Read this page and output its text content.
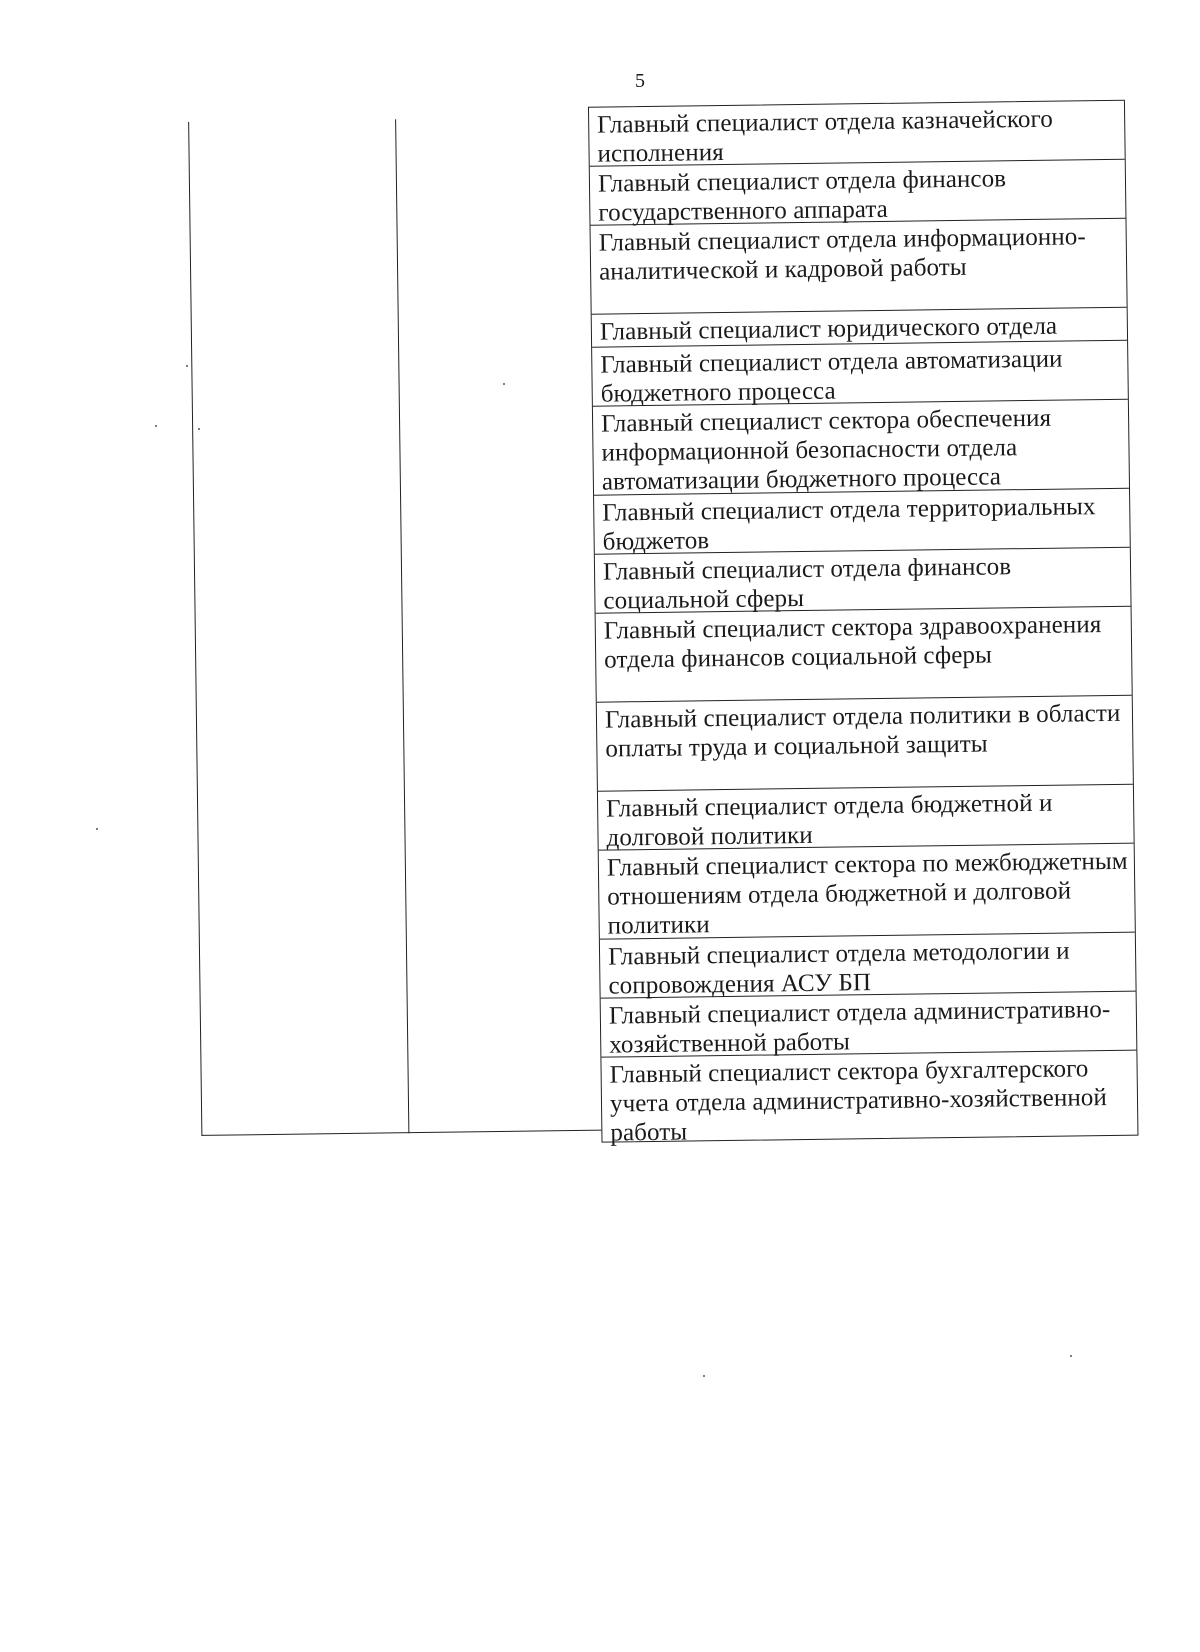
5
Главный специалист отдела казначейского исполнения
Главный специалист отдела финансов государственного аппарата
Главный специалист отдела информационно-аналитической и кадровой работы
Главный специалист юридического отдела
Главный специалист отдела автоматизации бюджетного процесса
Главный специалист сектора обеспечения информационной безопасности отдела автоматизации бюджетного процесса
Главный специалист отдела территориальных бюджетов
Главный специалист отдела финансов социальной сферы
Главный специалист сектора здравоохранения отдела финансов социальной сферы
Главный специалист отдела политики в области оплаты труда и социальной защиты
Главный специалист отдела бюджетной и долговой политики
Главный специалист сектора по межбюджетным отношениям отдела бюджетной и долговой политики
Главный специалист отдела методологии и сопровождения АСУ БП
Главный специалист отдела административно-хозяйственной работы
Главный специалист сектора бухгалтерского учета отдела административно-хозяйственной работы
